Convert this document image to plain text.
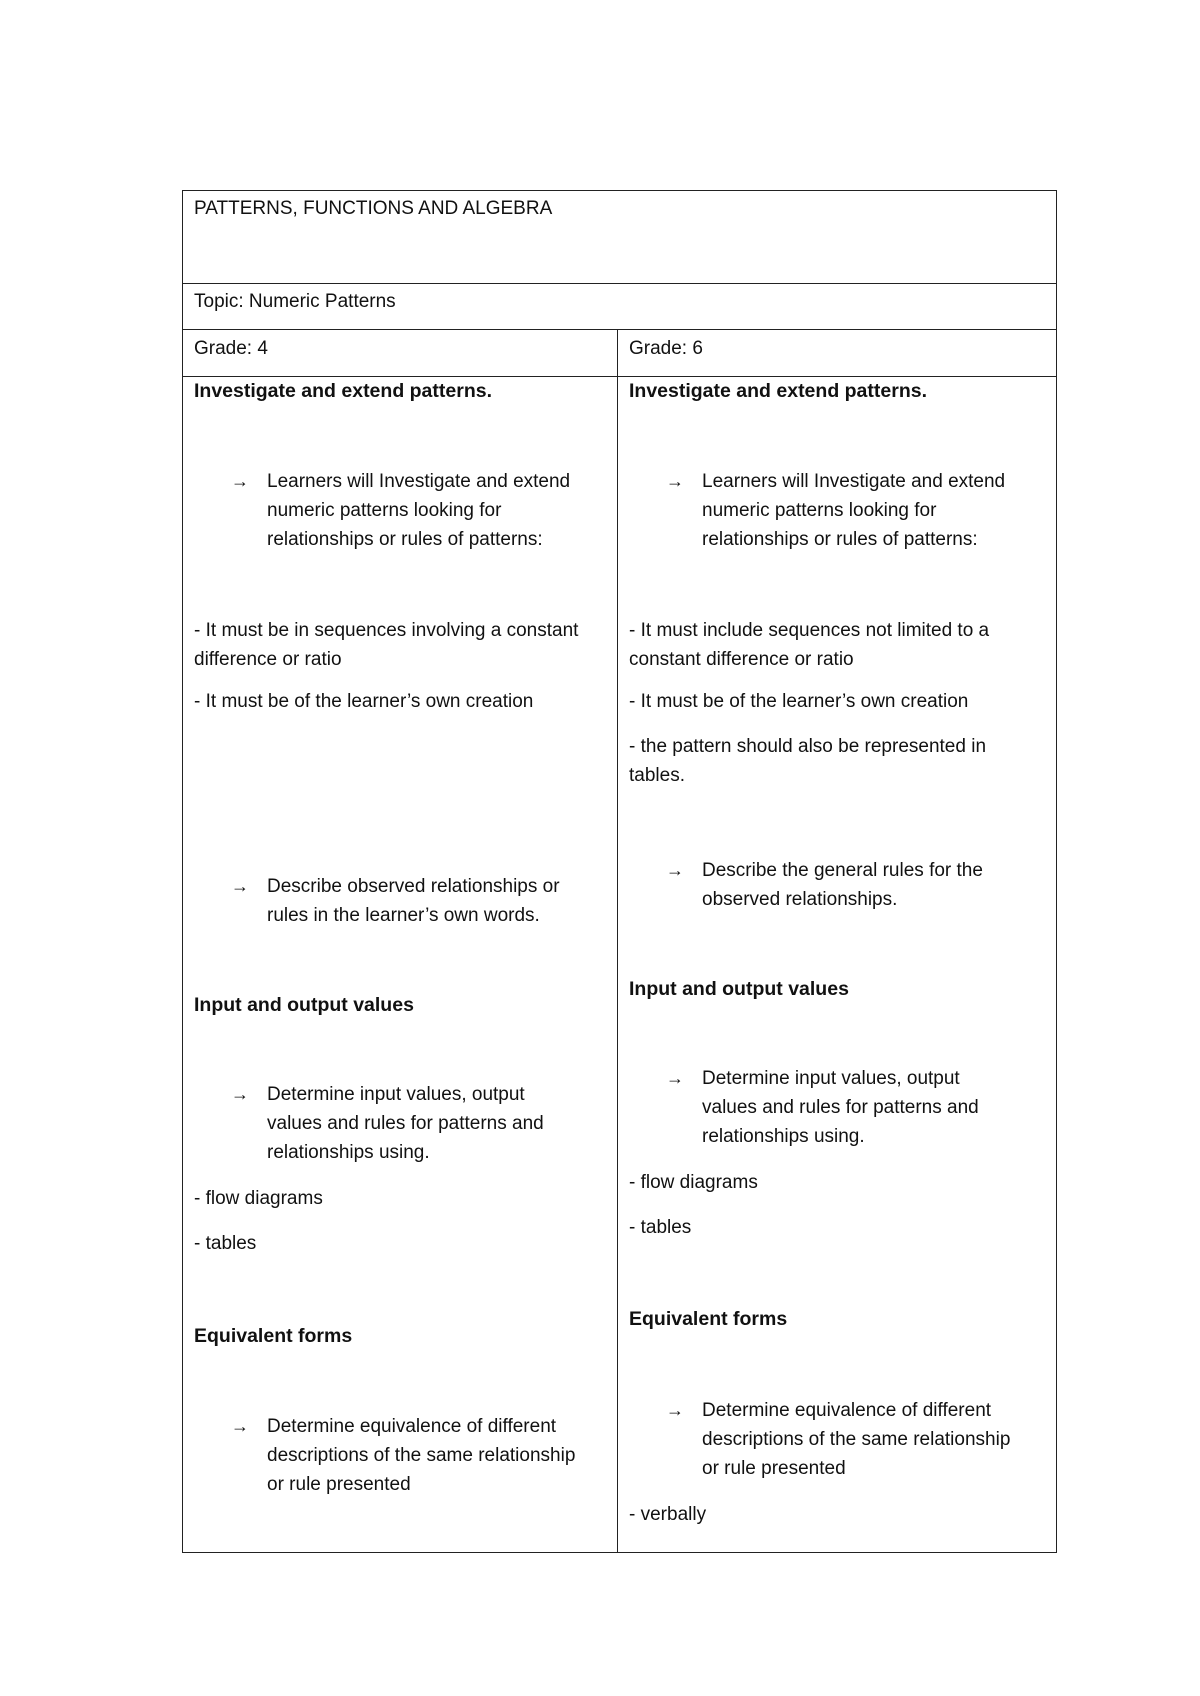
PATTERNS, FUNCTIONS AND ALGEBRA
Topic: Numeric Patterns
Grade: 4	Grade: 6
Investigate and extend patterns.
→ Learners will Investigate and extend
numeric patterns looking for
relationships or rules of patterns:
- It must be in sequences involving a constant
difference or ratio
- It must be of the learner’s own creation
→ Describe observed relationships or
rules in the learner’s own words.
Input and output values
→ Determine input values, output
values and rules for patterns and
relationships using.
- flow diagrams
- tables
Equivalent forms
→ Determine equivalence of different
descriptions of the same relationship
or rule presented
Investigate and extend patterns.
→ Learners will Investigate and extend
numeric patterns looking for
relationships or rules of patterns:
- It must include sequences not limited to a
constant difference or ratio
- It must be of the learner’s own creation
- the pattern should also be represented in
tables.
→ Describe the general rules for the
observed relationships.
Input and output values
→ Determine input values, output
values and rules for patterns and
relationships using.
- flow diagrams
- tables
Equivalent forms
→ Determine equivalence of different
descriptions of the same relationship
or rule presented
- verbally
